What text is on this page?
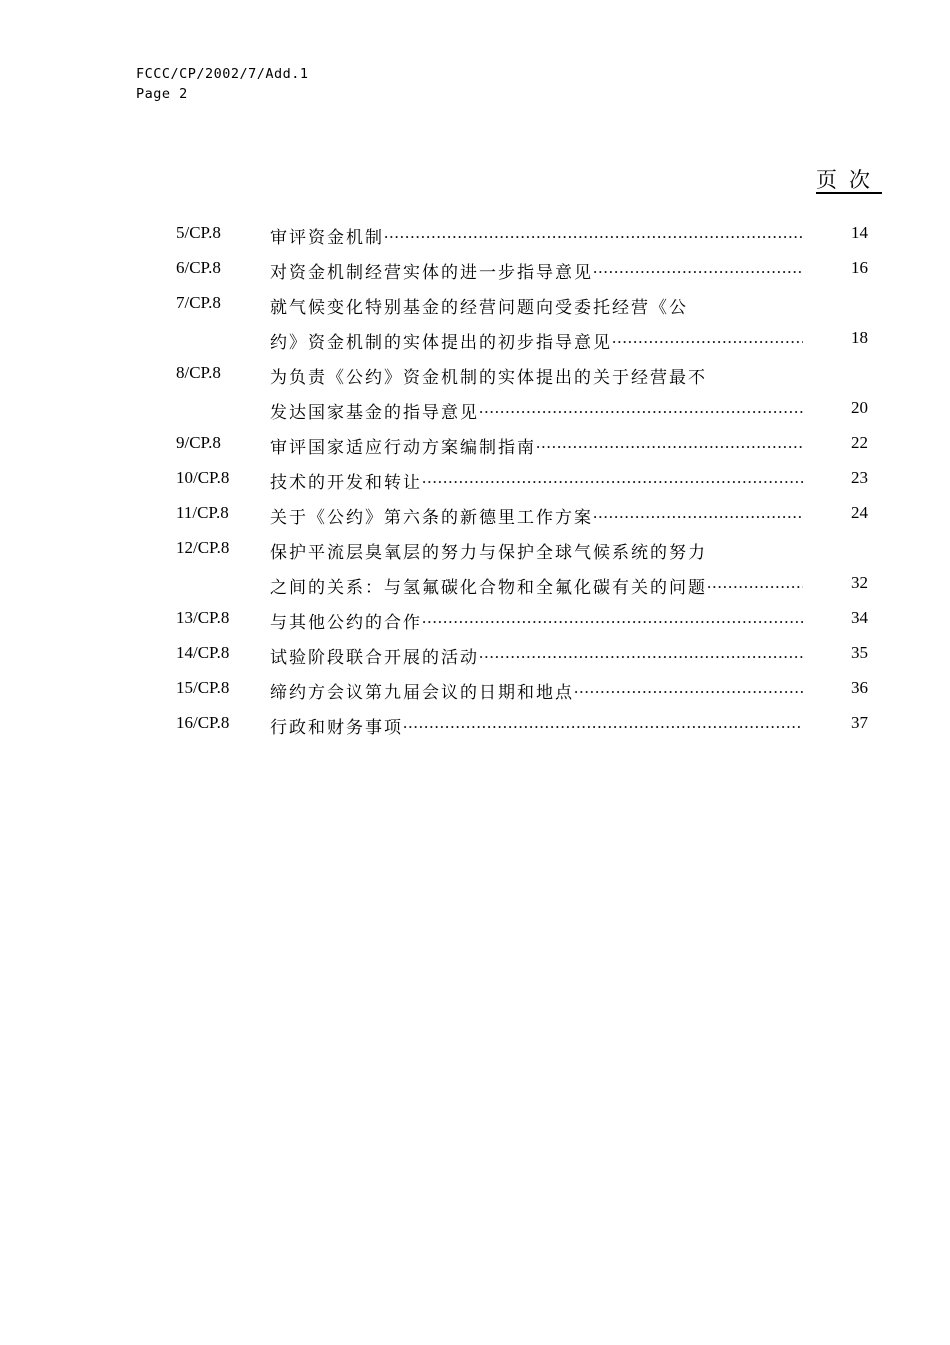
FCCC/CP/2002/7/Add.1
Page 2
页次
5/CP.8	审评资金机制 .....	14
6/CP.8	对资金机制经营实体的进一步指导意见 .....	16
7/CP.8	就气候变化特别基金的经营问题向受委托经营《公
约》资金机制的实体提出的初步指导意见 .....	18
8/CP.8	为负责《公约》资金机制的实体提出的关于经营最不
发达国家基金的指导意见 .....	20
9/CP.8	审评国家适应行动方案编制指南 .....	22
10/CP.8 技术的开发和转让 .....	23
11/CP.8 关于《公约》第六条的新德里工作方案 .....	24
12/CP.8 保护平流层臭氧层的努力与保护全球气候系统的努力
之间的关系：与氢氟碳化合物和全氟化碳有关的问题 .....	32
13/CP.8 与其他公约的合作 .....	34
14/CP.8 试验阶段联合开展的活动 .....	35
15/CP.8 缔约方会议第九届会议的日期和地点 .....	36
16/CP.8 行政和财务事项 .....	37
